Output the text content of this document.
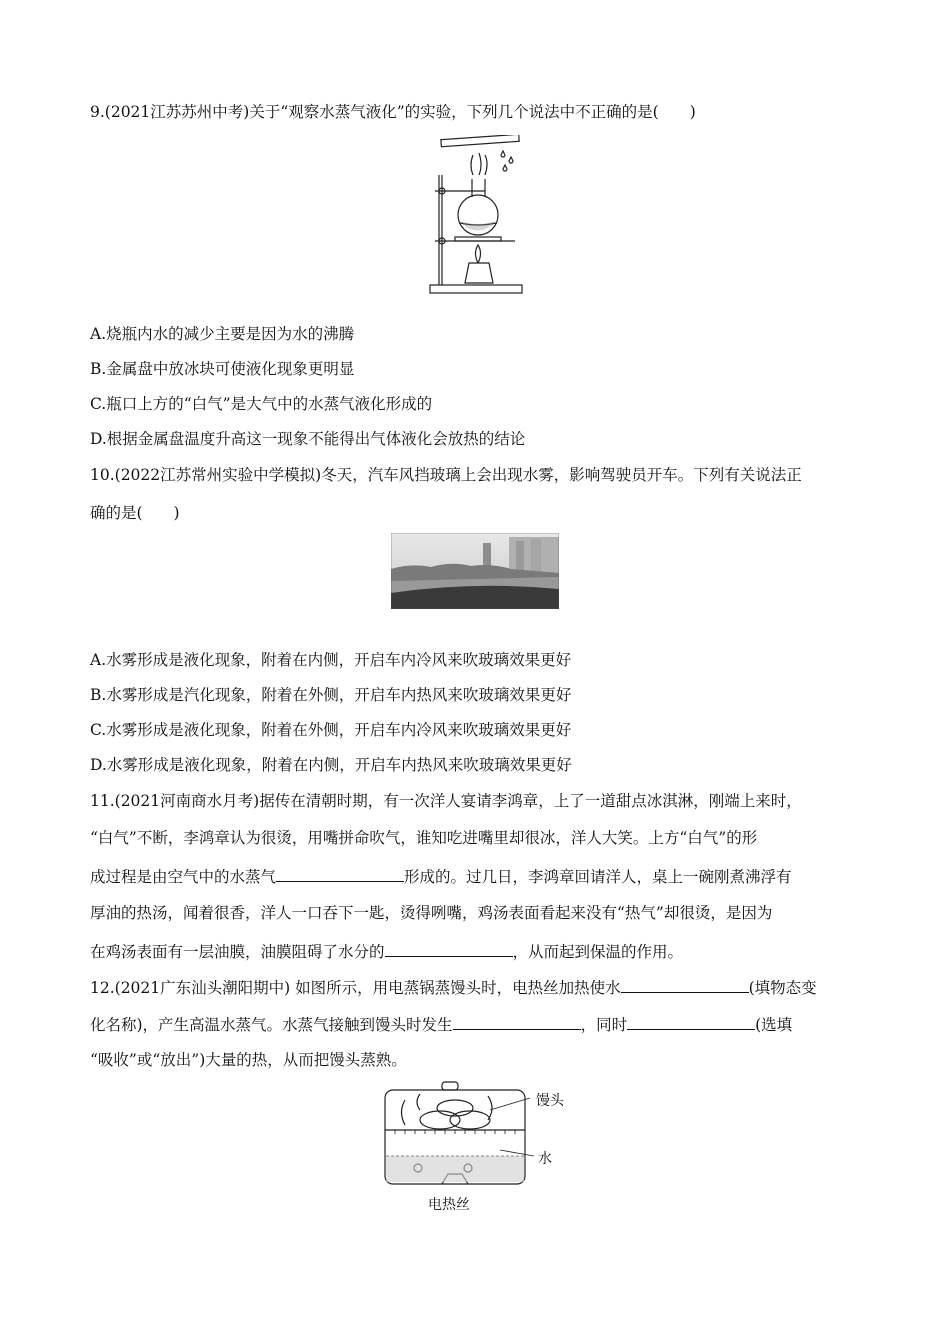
9.(2021江苏苏州中考)关于“观察水蒸气液化”的实验，下列几个说法中不正确的是(　　)
A.烧瓶内水的减少主要是因为水的沸腾
B.金属盘中放冰块可使液化现象更明显
C.瓶口上方的“白气”是大气中的水蒸气液化形成的
D.根据金属盘温度升高这一现象不能得出气体液化会放热的结论
10.(2022江苏常州实验中学模拟)冬天，汽车风挡玻璃上会出现水雾，影响驾驶员开车。下列有关说法正
确的是(　　)
A.水雾形成是液化现象，附着在内侧，开启车内冷风来吹玻璃效果更好
B.水雾形成是汽化现象，附着在外侧，开启车内热风来吹玻璃效果更好
C.水雾形成是液化现象，附着在外侧，开启车内冷风来吹玻璃效果更好
D.水雾形成是液化现象，附着在内侧，开启车内热风来吹玻璃效果更好
11.(2021河南商水月考)据传在清朝时期，有一次洋人宴请李鸿章，上了一道甜点冰淇淋，刚端上来时，
“白气”不断，李鸿章认为很烫，用嘴拼命吹气，谁知吃进嘴里却很冰，洋人大笑。上方“白气”的形
成过程是由空气中的水蒸气	形成的。过几日，李鸿章回请洋人，桌上一碗刚煮沸浮有
厚油的热汤，闻着很香，洋人一口吞下一匙，烫得咧嘴，鸡汤表面看起来没有“热气”却很烫，是因为
在鸡汤表面有一层油膜，油膜阻碍了水分的	，从而起到保温的作用。
12.(2021广东汕头潮阳期中) 如图所示，用电蒸锅蒸馒头时，电热丝加热使水	(填物态变
化名称)，产生高温水蒸气。水蒸气接触到馒头时发生	，同时	(选填
“吸收”或“放出”)大量的热，从而把馒头蒸熟。
馒头
水
电热丝
